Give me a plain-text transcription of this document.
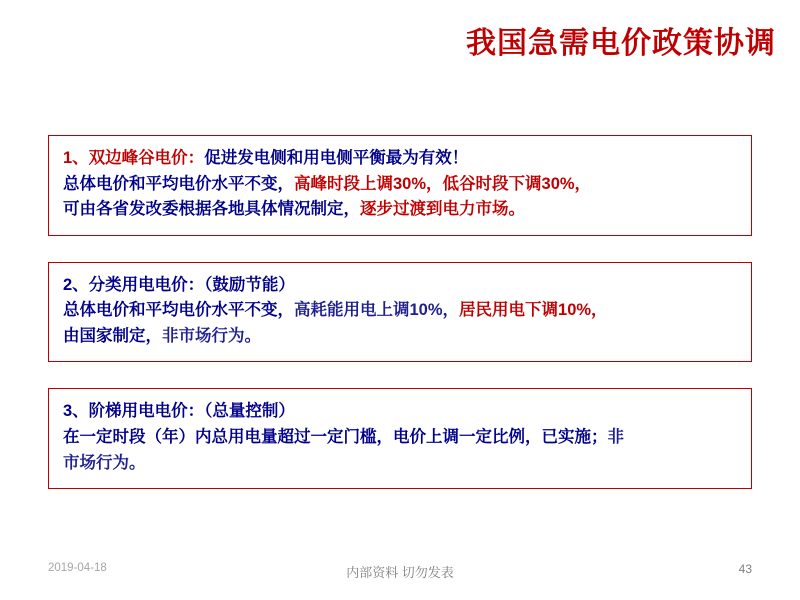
我国急需电价政策协调
1、双边峰谷电价：促进发电侧和用电侧平衡最为有效！
总体电价和平均电价水平不变，高峰时段上调30%，低谷时段下调30%，
可由各省发改委根据各地具体情况制定，逐步过渡到电力市场。
2、分类用电电价：（鼓励节能）
总体电价和平均电价水平不变，高耗能用电上调10%，居民用电下调10%，
由国家制定，非市场行为。
3、阶梯用电电价：（总量控制）
在一定时段（年）内总用电量超过一定门槛，电价上调一定比例，已实施；非
市场行为。
2019-04-18	内部资料 切勿发表	43
